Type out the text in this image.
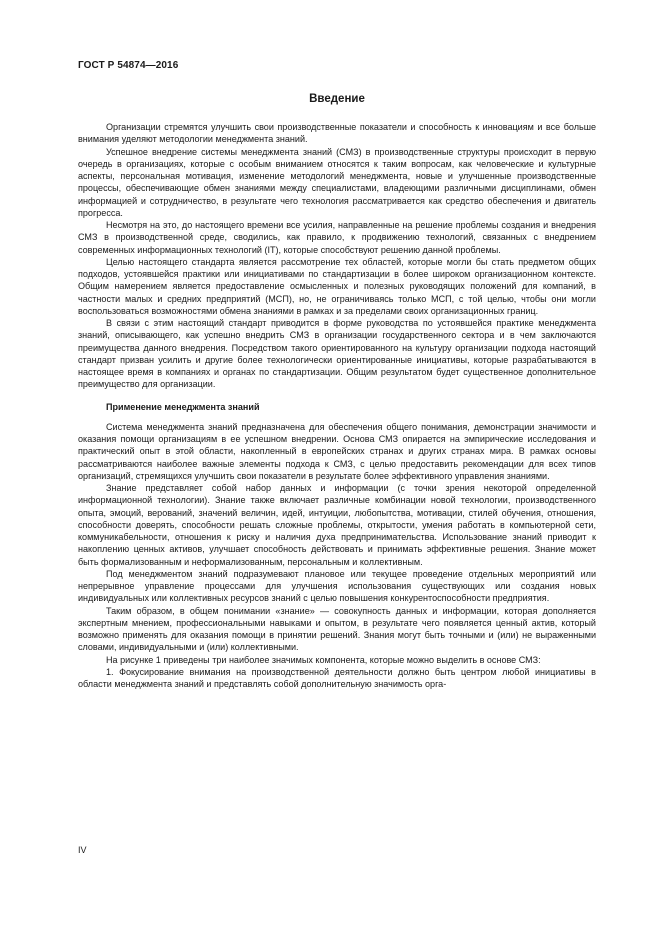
ГОСТ Р 54874—2016
Введение

Организации стремятся улучшить свои производственные показатели и способность к инновациям и все больше внимания уделяют методологии менеджмента знаний.

Успешное внедрение системы менеджмента знаний (СМЗ) в производственные структуры происходит в первую очередь в организациях, которые с особым вниманием относятся к таким вопросам, как человеческие и культурные аспекты, персональная мотивация, изменение методологий менеджмента, новые и улучшенные производственные процессы, обеспечивающие обмен знаниями между специалистами, владеющими различными дисциплинами, обмен информацией и сотрудничество, в результате чего технология рассматривается как средство обеспечения и двигатель прогресса.

Несмотря на это, до настоящего времени все усилия, направленные на решение проблемы создания и внедрения СМЗ в производственной среде, сводились, как правило, к продвижению технологий, связанных с внедрением современных информационных технологий (IT), которые способствуют решению данной проблемы.

Целью настоящего стандарта является рассмотрение тех областей, которые могли бы стать предметом общих подходов, устоявшейся практики или инициативами по стандартизации в более широком организационном контексте. Общим намерением является предоставление осмысленных и полезных руководящих положений для компаний, в частности малых и средних предприятий (МСП), но, не ограничиваясь только МСП, с той целью, чтобы они могли воспользоваться возможностями обмена знаниями в рамках и за пределами своих организационных границ.

В связи с этим настоящий стандарт приводится в форме руководства по устоявшейся практике менеджмента знаний, описывающего, как успешно внедрить СМЗ в организации государственного сектора и в чем заключаются преимущества данного внедрения. Посредством такого ориентированного на культуру организации подхода настоящий стандарт призван усилить и другие более технологически ориентированные инициативы, которые разрабатываются в настоящее время в компаниях и органах по стандартизации. Общим результатом будет существенное дополнительное преимущество для организации.

Применение менеджмента знаний

Система менеджмента знаний предназначена для обеспечения общего понимания, демонстрации значимости и оказания помощи организациям в ее успешном внедрении. Основа СМЗ опирается на эмпирические исследования и практический опыт в этой области, накопленный в европейских странах и других странах мира. В рамках основы рассматриваются наиболее важные элементы подхода к СМЗ, с целью предоставить рекомендации для всех типов организаций, стремящихся улучшить свои показатели в результате более эффективного управления знаниями.

Знание представляет собой набор данных и информации (с точки зрения некоторой определенной информационной технологии). Знание также включает различные комбинации новой технологии, производственного опыта, эмоций, верований, значений величин, идей, интуиции, любопытства, мотивации, стилей обучения, отношения, способности доверять, способности решать сложные проблемы, открытости, умения работать в компьютерной сети, коммуникабельности, отношения к риску и наличия духа предпринимательства. Использование знаний приводит к накоплению ценных активов, улучшает способность действовать и принимать эффективные решения. Знание может быть формализованным и неформализованным, персональным и коллективным.

Под менеджментом знаний подразумевают плановое или текущее проведение отдельных мероприятий или непрерывное управление процессами для улучшения использования существующих или создания новых индивидуальных или коллективных ресурсов знаний с целью повышения конкурентоспособности предприятия.

Таким образом, в общем понимании «знание» — совокупность данных и информации, которая дополняется экспертным мнением, профессиональными навыками и опытом, в результате чего появляется ценный актив, который возможно применять для оказания помощи в принятии решений. Знания могут быть точными и (или) не выраженными словами, индивидуальными и (или) коллективными.

На рисунке 1 приведены три наиболее значимых компонента, которые можно выделить в основе СМЗ:

1. Фокусирование внимания на производственной деятельности должно быть центром любой инициативы в области менеджмента знаний и представлять собой дополнительную значимость орга-

IV
